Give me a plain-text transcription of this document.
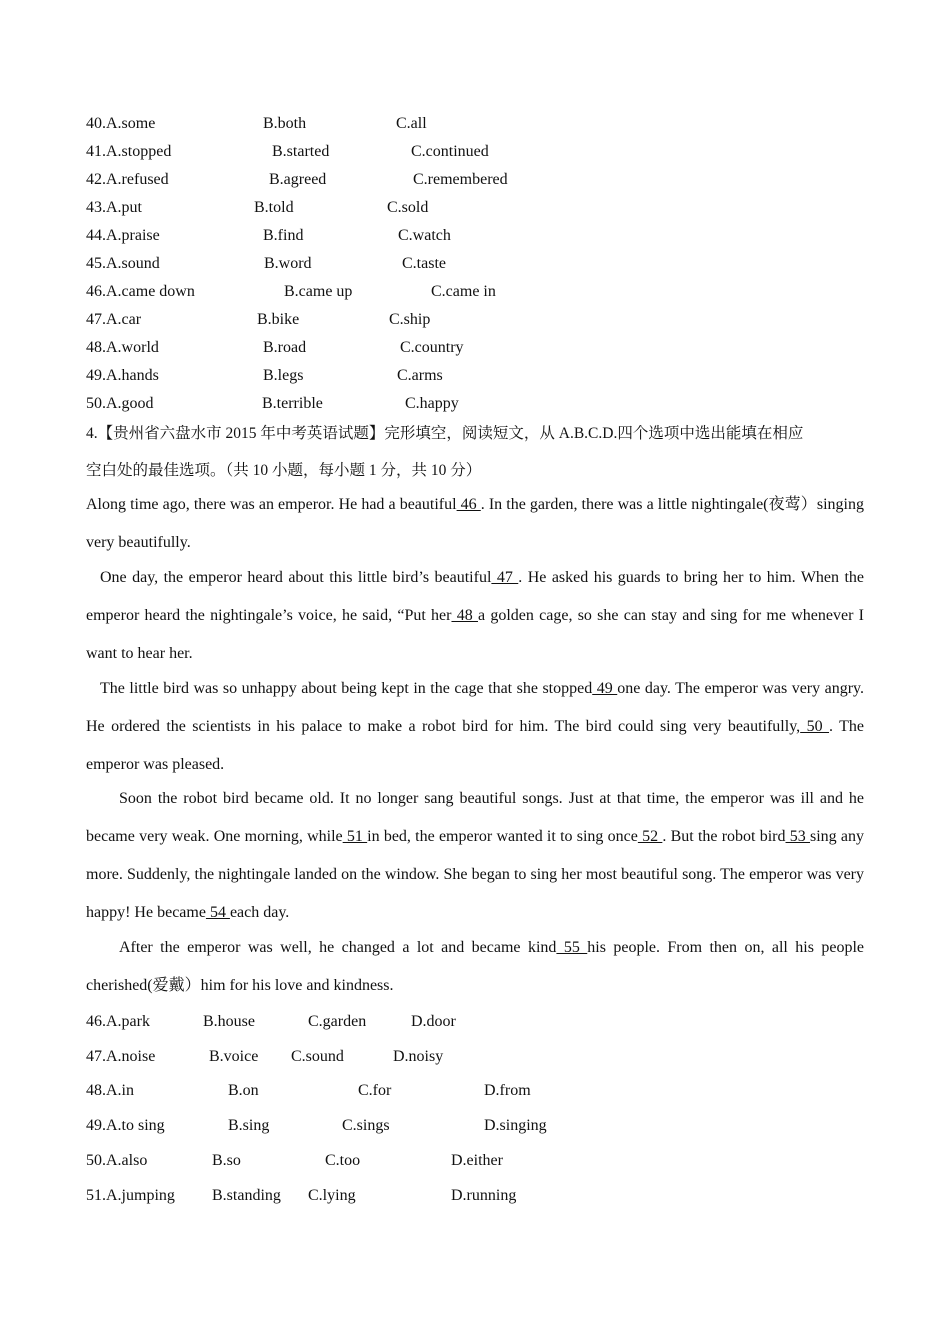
40.A.some	B.both	C.all
41.A.stopped	B.started	C.continued
42.A.refused	B.agreed	C.remembered
43.A.put	B.told	C.sold
44.A.praise	B.find	C.watch
45.A.sound	B.word	C.taste
46.A.came down	B.came up	C.came in
47.A.car	B.bike	C.ship
48.A.world	B.road	C.country
49.A.hands	B.legs	C.arms
50.A.good	B.terrible	C.happy
4.【贵州省六盘水市 2015 年中考英语试题】完形填空，阅读短文，从 A.B.C.D.四个选项中选出能填在相应
空白处的最佳选项。（共 10 小题，每小题 1 分，共 10 分）

Along time ago, there was an emperor. He had a beautiful 46 . In the garden, there was a little nightingale(夜莺）singing very beautifully.

One day, the emperor heard about this little bird’s beautiful 47 . He asked his guards to bring her to him. When the emperor heard the nightingale’s voice, he said, “Put her 48 a golden cage, so she can stay and sing for me whenever I want to hear her.

The little bird was so unhappy about being kept in the cage that she stopped 49 one day. The emperor was very angry. He ordered the scientists in his palace to make a robot bird for him. The bird could sing very beautifully, 50 . The emperor was pleased.

Soon the robot bird became old. It no longer sang beautiful songs. Just at that time, the emperor was ill and he became very weak. One morning, while 51 in bed, the emperor wanted it to sing once 52 . But the robot bird 53 sing any more. Suddenly, the nightingale landed on the window. She began to sing her most beautiful song. The emperor was very happy! He became 54 each day.

After the emperor was well, he changed a lot and became kind 55 his people. From then on, all his people cherished(爱戴）him for his love and kindness.

46.A.park	B.house	C.garden	D.door
47.A.noise	B.voice C.sound	D.noisy
48.A.in	B.on	C.for	D.from
49.A.to sing	B.sing	C.sings	D.singing
50.A.also	B.so	C.too	D.either
51.A.jumping B.standing C.lying	D.running
